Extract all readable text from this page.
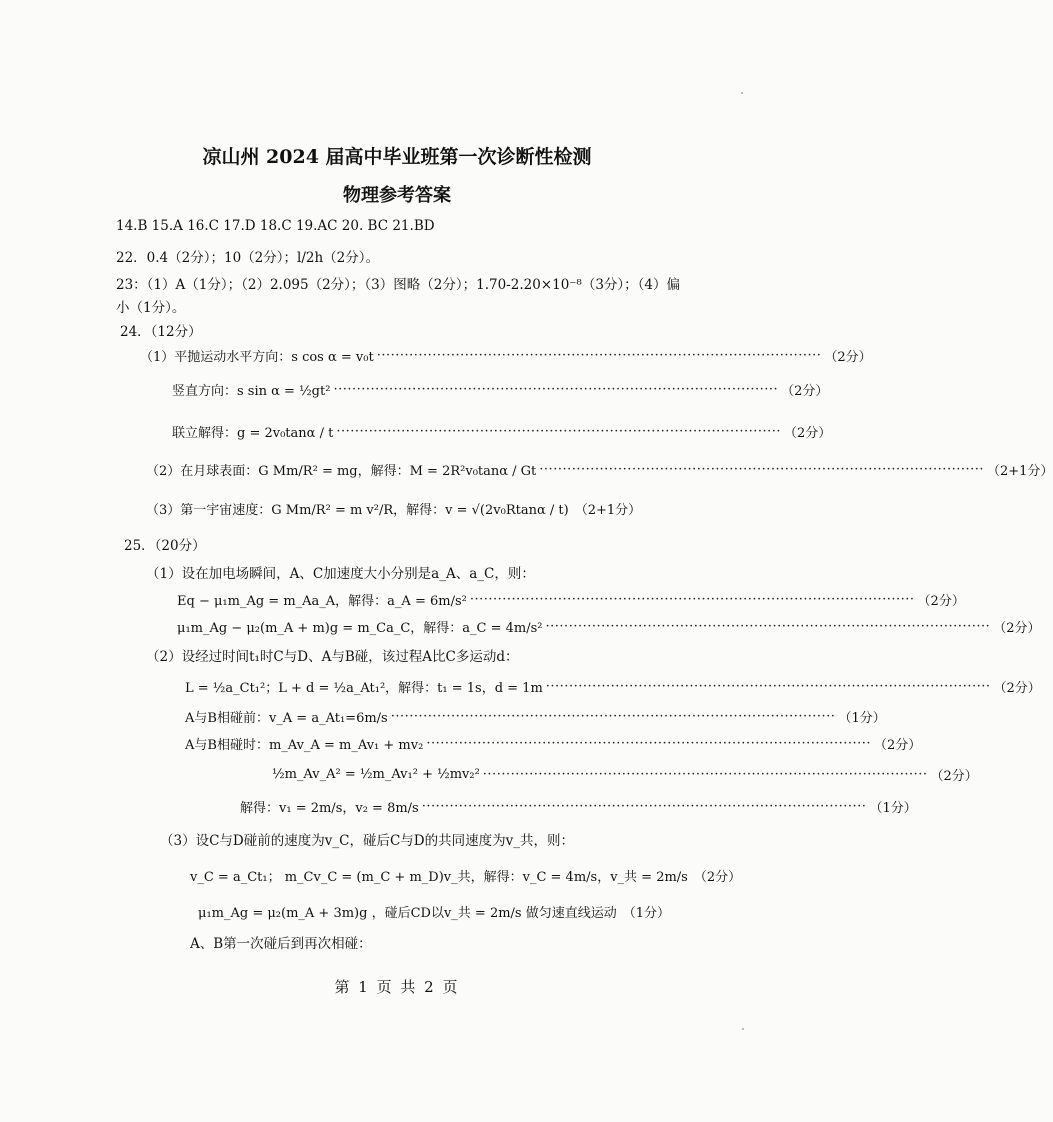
凉山州 2024 届高中毕业班第一次诊断性检测
物理参考答案
14.B 15.A 16.C 17.D 18.C 19.AC 20. BC 21.BD
22．0.4（2分）；10（2分）；l/2h（2分）。
23：（1）A（1分）；（2）2.095（2分）；（3）图略（2分）；1.70-2.20×10⁻⁸（3分）；（4）偏
小（1分）。
24．（12分）
（1）平抛运动水平方向：s cos α = v₀t ································································································ （2分）
竖直方向：s sin α = ½gt² ································································································ （2分）
联立解得：g = 2v₀tanα / t ································································································ （2分）
（2）在月球表面：G Mm/R² = mg，解得：M = 2R²v₀tanα / Gt ································································································ （2+1分）
（3）第一宇宙速度：G Mm/R² = m v²/R，解得：v = √(2v₀Rtanα / t) （2+1分）
25．（20分）
（1）设在加电场瞬间，A、C加速度大小分别是a_A、a_C，则：
Eq − μ₁m_Ag = m_Aa_A，解得：a_A = 6m/s² ································································································ （2分）
μ₁m_Ag − μ₂(m_A + m)g = m_Ca_C，解得：a_C = 4m/s² ································································································ （2分）
（2）设经过时间t₁时C与D、A与B碰，该过程A比C多运动d：
L = ½a_Ct₁²；L + d = ½a_At₁²，解得：t₁ = 1s，d = 1m ································································································ （2分）
A与B相碰前：v_A = a_At₁=6m/s ································································································ （1分）
A与B相碰时：m_Av_A = m_Av₁ + mv₂ ································································································ （2分）
½m_Av_A² = ½m_Av₁² + ½mv₂² ································································································ （2分）
解得：v₁ = 2m/s，v₂ = 8m/s ································································································ （1分）
（3）设C与D碰前的速度为v_C，碰后C与D的共同速度为v_共，则：
v_C = a_Ct₁； m_Cv_C = (m_C + m_D)v_共，解得：v_C = 4m/s，v_共 = 2m/s （2分）
μ₁m_Ag = μ₂(m_A + 3m)g ，碰后CD以v_共 = 2m/s 做匀速直线运动 （1分）
A、B第一次碰后到再次相碰：
第 1 页 共 2 页
